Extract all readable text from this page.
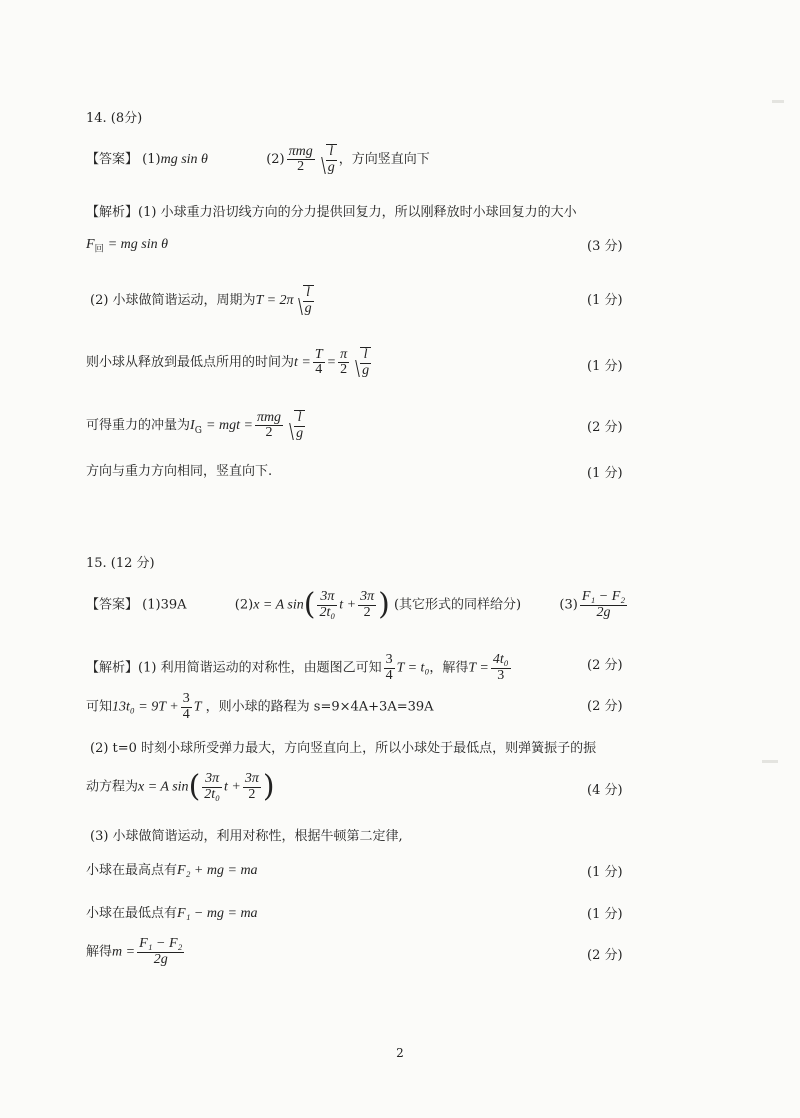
14. (8分)
【答案】 (1)mg sin θ	$(2) \frac{\text{πmg}}{2} \frac{l}{g}$ ，方向竖直向下
【解析】(1) 小球重力沿切线方向的分力提供回复力，所以刚释放时小球回复力的大小
$F_回$ = mg sin θ	(3 分)
(2) 小球做简谐运动，周期为$T = 2\pi \frac{l}{g}$	(1 分)
则小球从释放到最低点所用的时间为$t = \frac{T}{4} = \frac{\pi}{2} \frac{l}{g}$	(1 分)
可得重力的冲量为$I_G$ = mgt = $\frac{\text{πmg}}{2} \frac{l}{g}$	(2 分)
方向与重力方向相同，竖直向下.	(1 分)
15. (12 分)
【答案】 (1)39A	(2)x = A $\sin( \frac{3\pi}{\text{2t₀}}$ $t + \frac{3\pi}{2}$ ) (其它形式的同样给分)	$(3) \frac{\text{F₁ − F₂}}{2g}$
【解析】(1) 利用简谐运动的对称性，由题图乙可知 $\frac{3}{4}$ T = t₀，解得$T = \frac{\text{4t₀}}{3}$	(2 分)
可知$13t_0 = 9T + \frac{3}{4}$ T ，则小球的路程为 s=9×4A+3A=39A	(2 分)
(2) t=0 时刻小球所受弹力最大，方向竖直向上，所以小球处于最低点，则弹簧振子的振
动方程为x = A $\sin( \frac{3\pi}{\text{2t₀}}$ $t + \frac{3\pi}{2}$ )	(4 分)
(3) 小球做简谐运动，利用对称性，根据牛顿第二定律,
小球在最高点有F₂ + mg = ma	(1 分)
小球在最低点有F₁ − mg = ma	(1 分)
解得$m = \frac{\text{F₁ − F₂}}{2g}$	(2 分)
2
